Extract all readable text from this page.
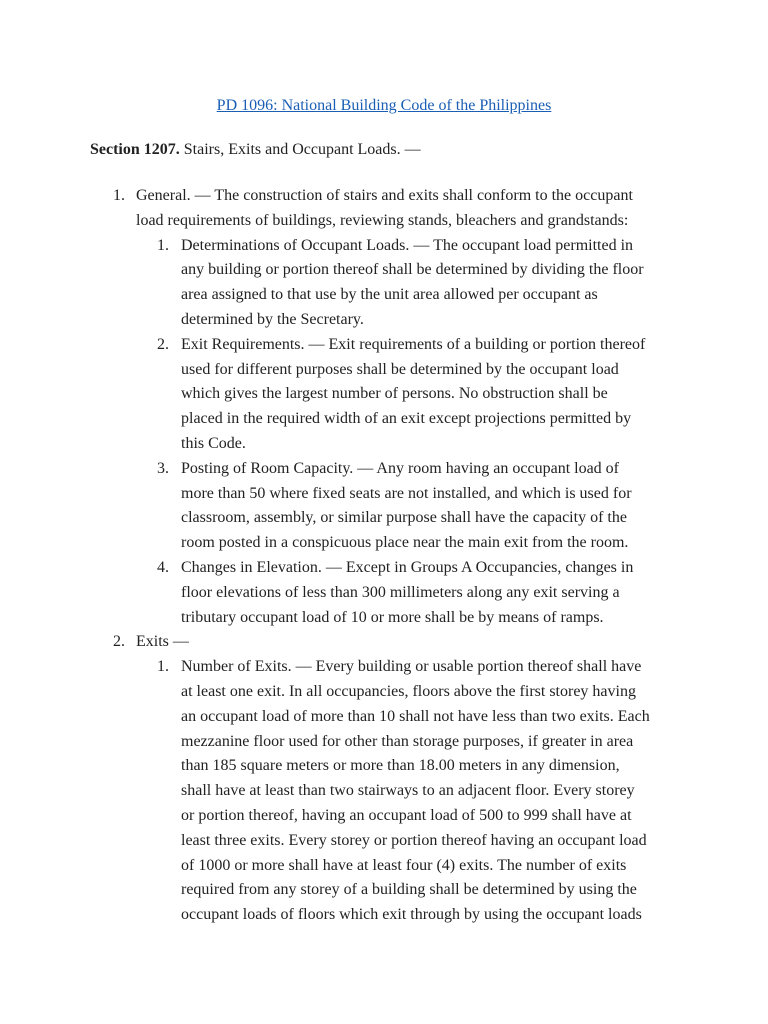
PD 1096: National Building Code of the Philippines
Section 1207. Stairs, Exits and Occupant Loads. —
1. General. — The construction of stairs and exits shall conform to the occupant
load requirements of buildings, reviewing stands, bleachers and grandstands:
1. Determinations of Occupant Loads. — The occupant load permitted in
any building or portion thereof shall be determined by dividing the floor
area assigned to that use by the unit area allowed per occupant as
determined by the Secretary.
2. Exit Requirements. — Exit requirements of a building or portion thereof
used for different purposes shall be determined by the occupant load
which gives the largest number of persons. No obstruction shall be
placed in the required width of an exit except projections permitted by
this Code.
3. Posting of Room Capacity. — Any room having an occupant load of
more than 50 where fixed seats are not installed, and which is used for
classroom, assembly, or similar purpose shall have the capacity of the
room posted in a conspicuous place near the main exit from the room.
4. Changes in Elevation. — Except in Groups A Occupancies, changes in
floor elevations of less than 300 millimeters along any exit serving a
tributary occupant load of 10 or more shall be by means of ramps.
2. Exits —
1. Number of Exits. — Every building or usable portion thereof shall have
at least one exit. In all occupancies, floors above the first storey having
an occupant load of more than 10 shall not have less than two exits. Each
mezzanine floor used for other than storage purposes, if greater in area
than 185 square meters or more than 18.00 meters in any dimension,
shall have at least than two stairways to an adjacent floor. Every storey
or portion thereof, having an occupant load of 500 to 999 shall have at
least three exits. Every storey or portion thereof having an occupant load
of 1000 or more shall have at least four (4) exits. The number of exits
required from any storey of a building shall be determined by using the
occupant loads of floors which exit through by using the occupant loads
